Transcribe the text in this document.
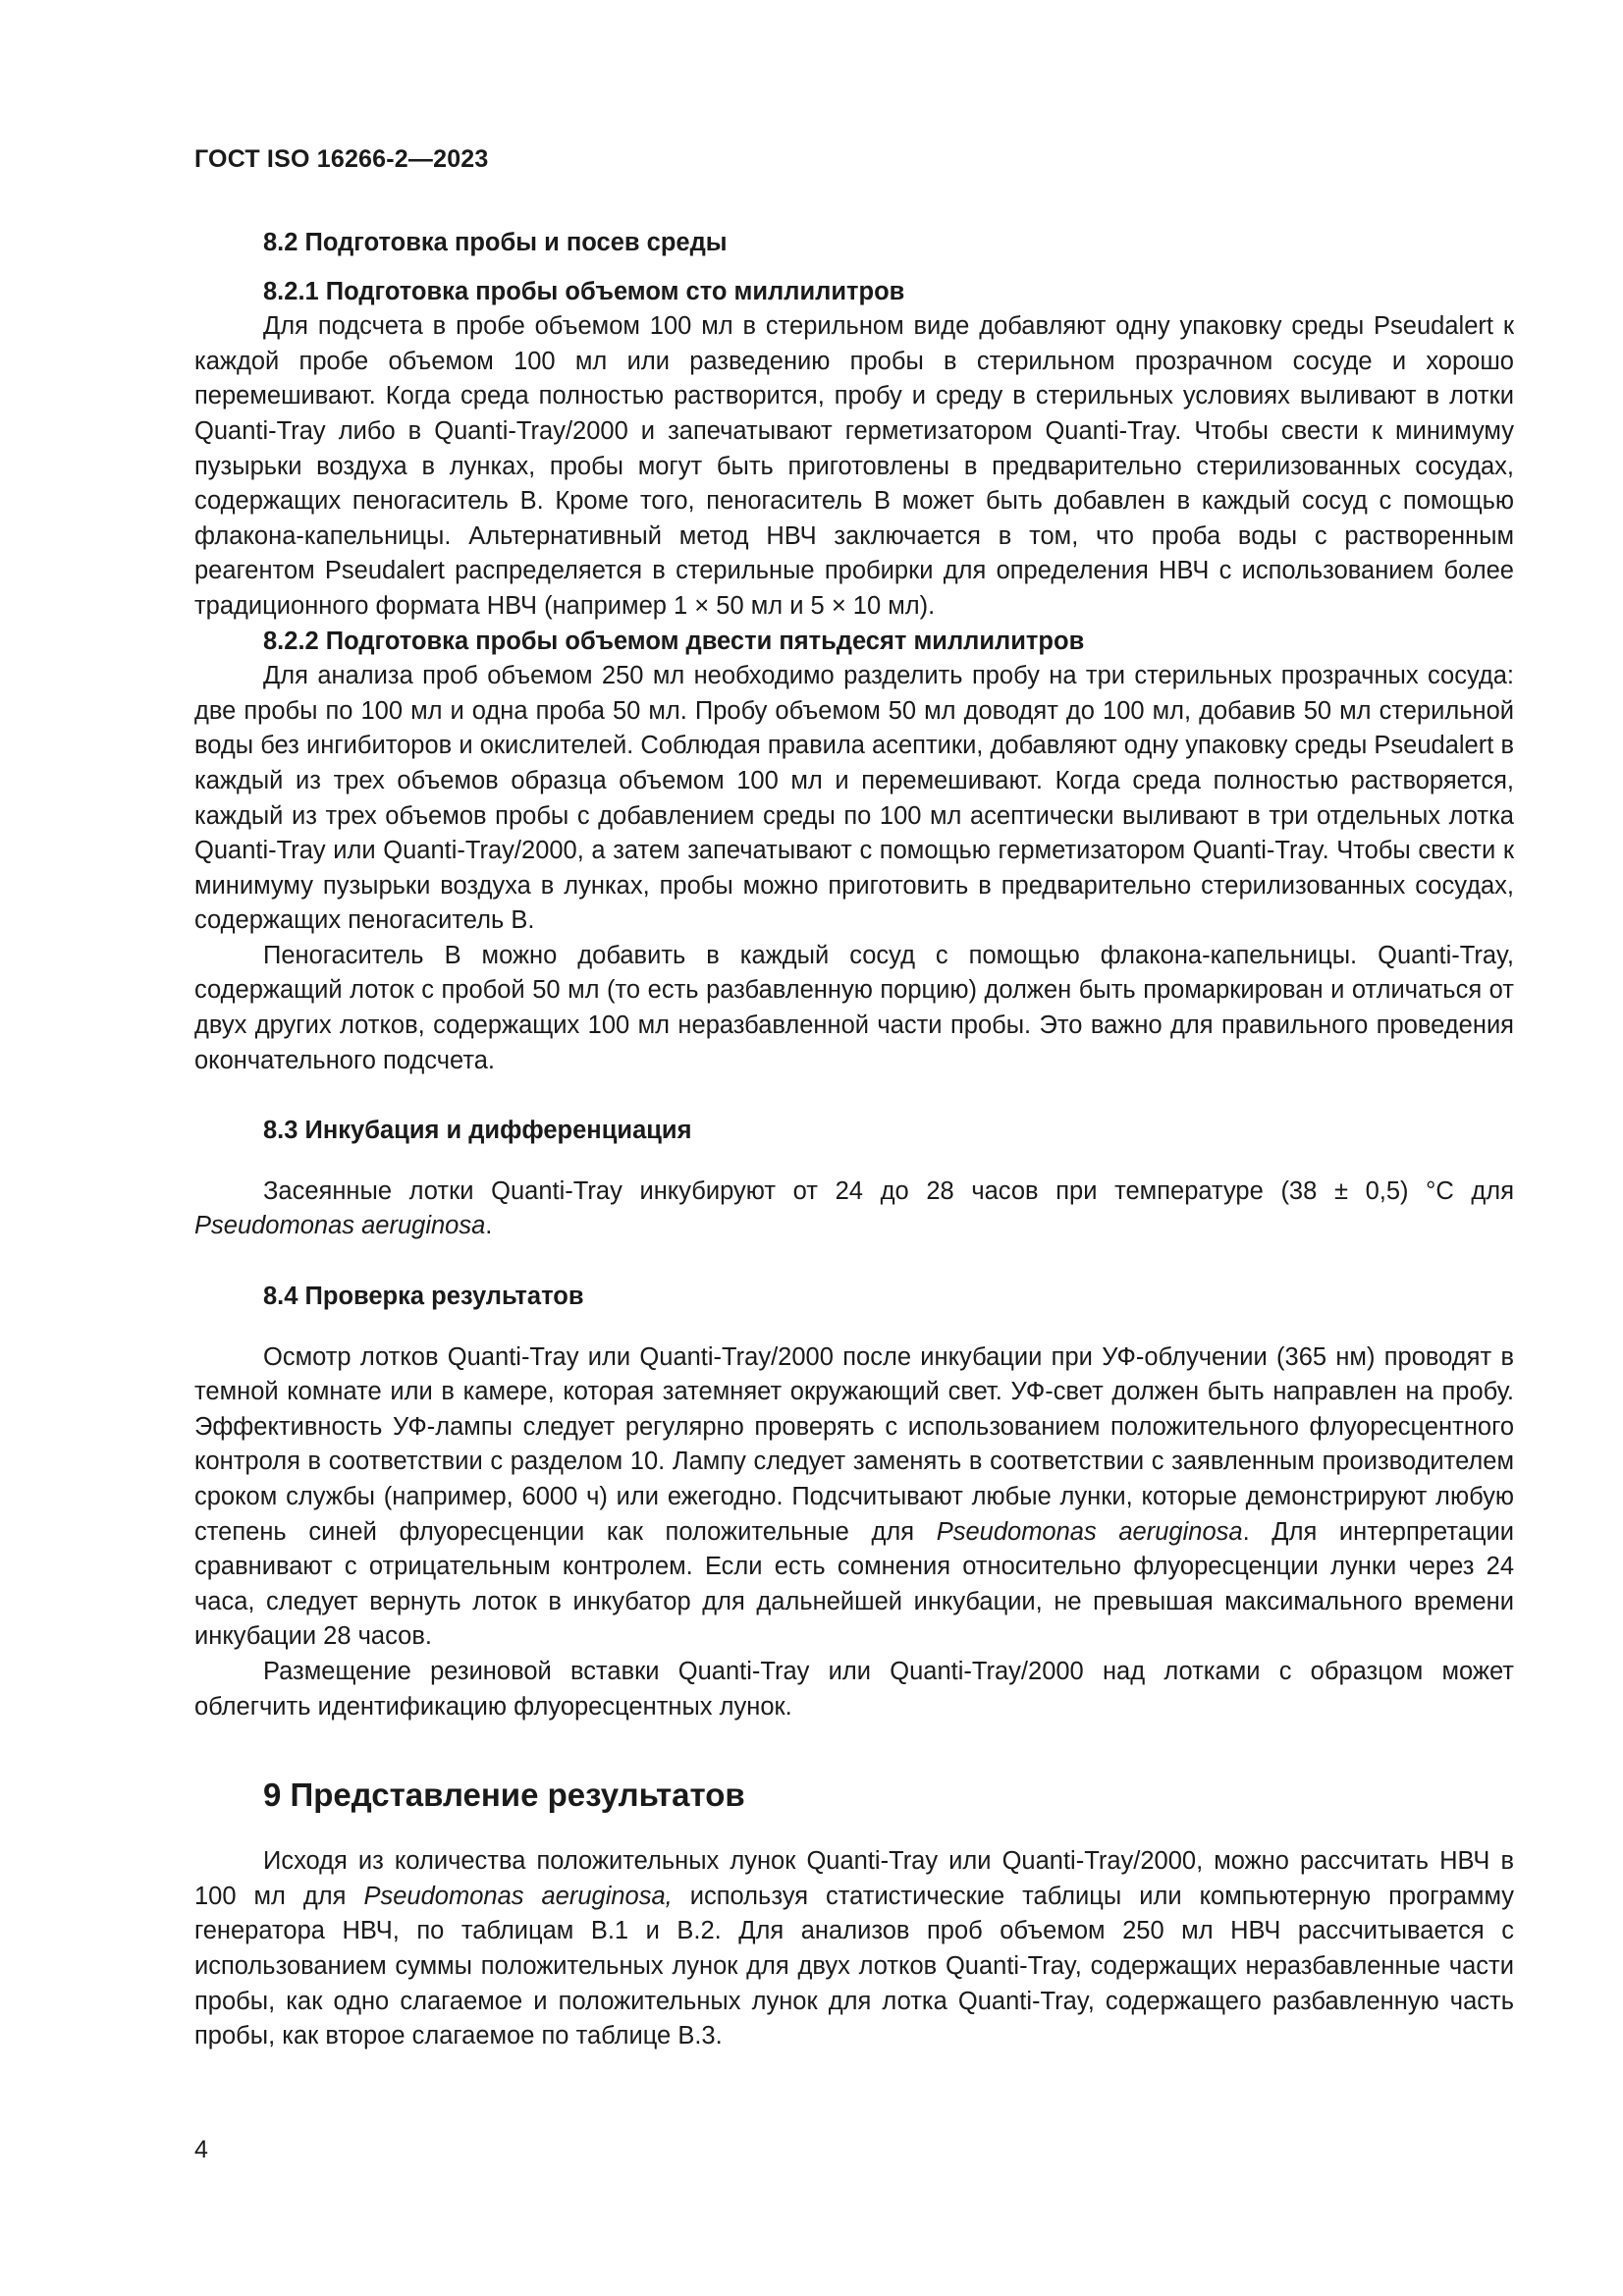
ГОСТ ISO 16266-2—2023
8.2 Подготовка пробы и посев среды
8.2.1 Подготовка пробы объемом сто миллилитров

Для подсчета в пробе объемом 100 мл в стерильном виде добавляют одну упаковку среды Pseudalert к каждой пробе объемом 100 мл или разведению пробы в стерильном прозрачном сосуде и хорошо перемешивают. Когда среда полностью растворится, пробу и среду в стерильных условиях выливают в лотки Quanti-Tray либо в Quanti-Tray/2000 и запечатывают герметизатором Quanti-Tray. Чтобы свести к минимуму пузырьки воздуха в лунках, пробы могут быть приготовлены в предварительно стерилизованных сосудах, содержащих пеногаситель В. Кроме того, пеногаситель В может быть добавлен в каждый сосуд с помощью флакона-капельницы. Альтернативный метод НВЧ заключается в том, что проба воды с растворенным реагентом Pseudalert распределяется в стерильные пробирки для определения НВЧ с использованием более традиционного формата НВЧ (например 1 × 50 мл и 5 × 10 мл).

8.2.2 Подготовка пробы объемом двести пятьдесят миллилитров

Для анализа проб объемом 250 мл необходимо разделить пробу на три стерильных прозрачных сосуда: две пробы по 100 мл и одна проба 50 мл. Пробу объемом 50 мл доводят до 100 мл, добавив 50 мл стерильной воды без ингибиторов и окислителей. Соблюдая правила асептики, добавляют одну упаковку среды Pseudalert в каждый из трех объемов образца объемом 100 мл и перемешивают. Когда среда полностью растворяется, каждый из трех объемов пробы с добавлением среды по 100 мл асептически выливают в три отдельных лотка Quanti-Tray или Quanti-Tray/2000, а затем запечатывают с помощью герметизатором Quanti-Tray. Чтобы свести к минимуму пузырьки воздуха в лунках, пробы можно приготовить в предварительно стерилизованных сосудах, содержащих пеногаситель В.

Пеногаситель В можно добавить в каждый сосуд с помощью флакона-капельницы. Quanti-Tray, содержащий лоток с пробой 50 мл (то есть разбавленную порцию) должен быть промаркирован и отличаться от двух других лотков, содержащих 100 мл неразбавленной части пробы. Это важно для правильного проведения окончательного подсчета.

8.3 Инкубация и дифференциация

Засеянные лотки Quanti-Tray инкубируют от 24 до 28 часов при температуре (38 ± 0,5) °C для Pseudomonas aeruginosa.

8.4 Проверка результатов

Осмотр лотков Quanti-Tray или Quanti-Tray/2000 после инкубации при УФ-облучении (365 нм) проводят в темной комнате или в камере, которая затемняет окружающий свет. УФ-свет должен быть направлен на пробу. Эффективность УФ-лампы следует регулярно проверять с использованием положительного флуоресцентного контроля в соответствии с разделом 10. Лампу следует заменять в соответствии с заявленным производителем сроком службы (например, 6000 ч) или ежегодно. Подсчитывают любые лунки, которые демонстрируют любую степень синей флуоресценции как положительные для Pseudomonas aeruginosa. Для интерпретации сравнивают с отрицательным контролем. Если есть сомнения относительно флуоресценции лунки через 24 часа, следует вернуть лоток в инкубатор для дальнейшей инкубации, не превышая максимального времени инкубации 28 часов.

Размещение резиновой вставки Quanti-Tray или Quanti-Tray/2000 над лотками с образцом может облегчить идентификацию флуоресцентных лунок.

9 Представление результатов

Исходя из количества положительных лунок Quanti-Tray или Quanti-Tray/2000, можно рассчитать НВЧ в 100 мл для Pseudomonas aeruginosa, используя статистические таблицы или компьютерную программу генератора НВЧ, по таблицам В.1 и В.2. Для анализов проб объемом 250 мл НВЧ рассчитывается с использованием суммы положительных лунок для двух лотков Quanti-Tray, содержащих неразбавленные части пробы, как одно слагаемое и положительных лунок для лотка Quanti-Tray, содержащего разбавленную часть пробы, как второе слагаемое по таблице В.3.

4
